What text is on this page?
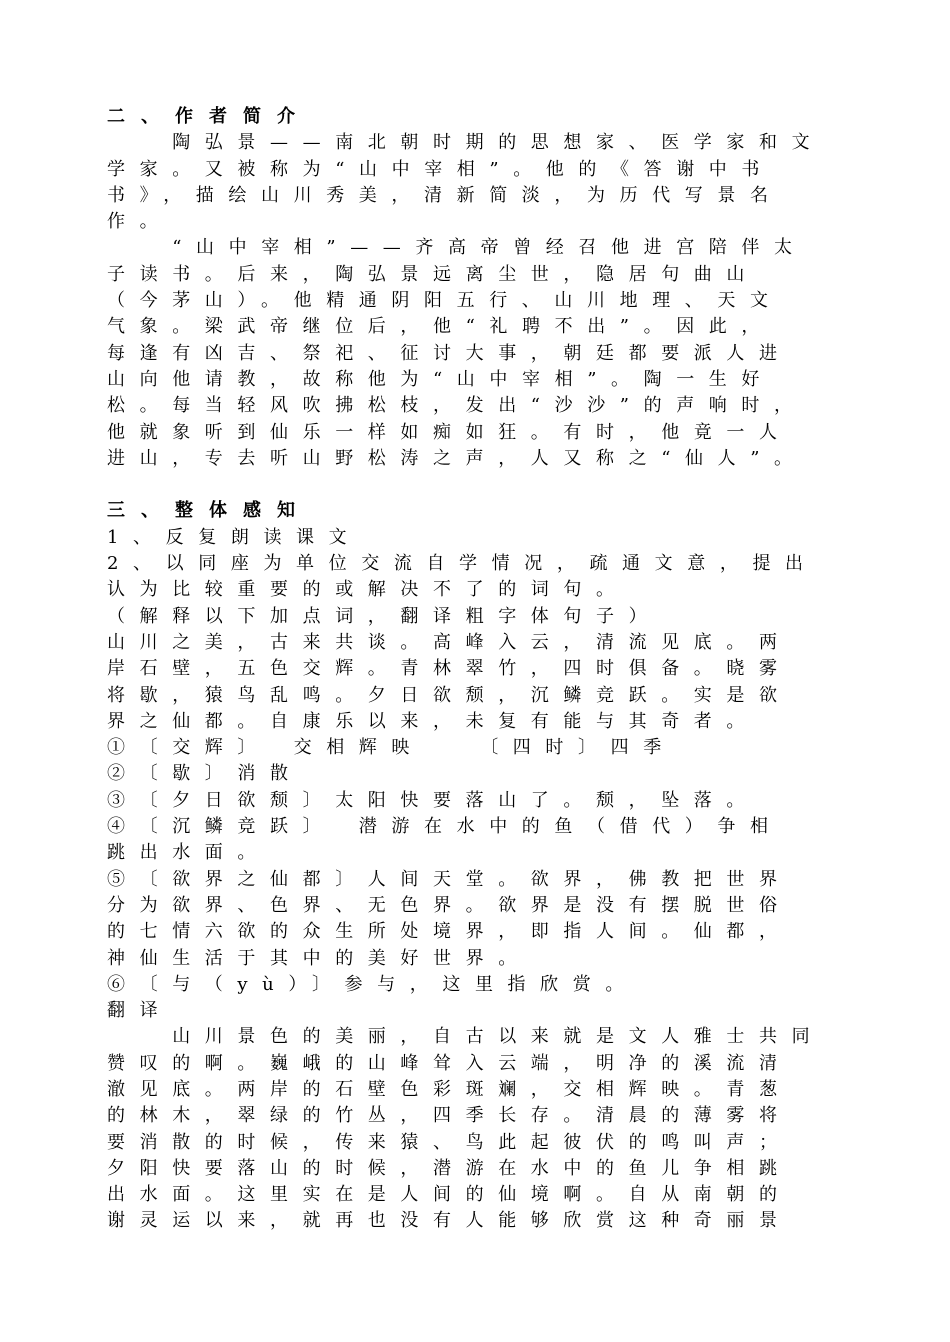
二、作者简介
　　陶弘景——南北朝时期的思想家、医学家和文
学家。又被称为“山中宰相”。他的《答谢中书
书》，描绘山川秀美，清新简淡，为历代写景名
作。
　　“山中宰相”——齐高帝曾经召他进宫陪伴太
子读书。后来，陶弘景远离尘世，隐居句曲山
（今茅山）。他精通阴阳五行、山川地理、天文
气象。梁武帝继位后，他“礼聘不出”。因此，
每逢有凶吉、祭祀、征讨大事，朝廷都要派人进
山向他请教，故称他为“山中宰相”。陶一生好
松。每当轻风吹拂松枝，发出“沙沙”的声响时，
他就象听到仙乐一样如痴如狂。有时，他竟一人
进山，专去听山野松涛之声，人又称之“仙人”。
三、整体感知
1、反复朗读课文
2、以同座为单位交流自学情况，疏通文意，提出
认为比较重要的或解决不了的词句。
（解释以下加点词，翻译粗字体句子）
山川之美，古来共谈。高峰入云，清流见底。两
岸石壁，五色交辉。青林翠竹，四时俱备。晓雾
将歇，猿鸟乱鸣。夕日欲颓，沉鳞竞跃。实是欲
界之仙都。自康乐以来，未复有能与其奇者。
①〔交辉〕　交相辉映　　〔四时〕四季
②〔歇〕消散
③〔夕日欲颓〕太阳快要落山了。颓，坠落。
④〔沉鳞竞跃〕　潜游在水中的鱼（借代）争相
跳出水面。
⑤〔欲界之仙都〕人间天堂。欲界，佛教把世界
分为欲界、色界、无色界。欲界是没有摆脱世俗
的七情六欲的众生所处境界，即指人间。仙都，
神仙生活于其中的美好世界。
⑥〔与（yù）〕参与，这里指欣赏。
翻译
　　山川景色的美丽，自古以来就是文人雅士共同
赞叹的啊。巍峨的山峰耸入云端，明净的溪流清
澈见底。两岸的石壁色彩斑斓，交相辉映。青葱
的林木，翠绿的竹丛，四季长存。清晨的薄雾将
要消散的时候，传来猿、鸟此起彼伏的鸣叫声；
夕阳快要落山的时候，潜游在水中的鱼儿争相跳
出水面。这里实在是人间的仙境啊。自从南朝的
谢灵运以来，就再也没有人能够欣赏这种奇丽景
